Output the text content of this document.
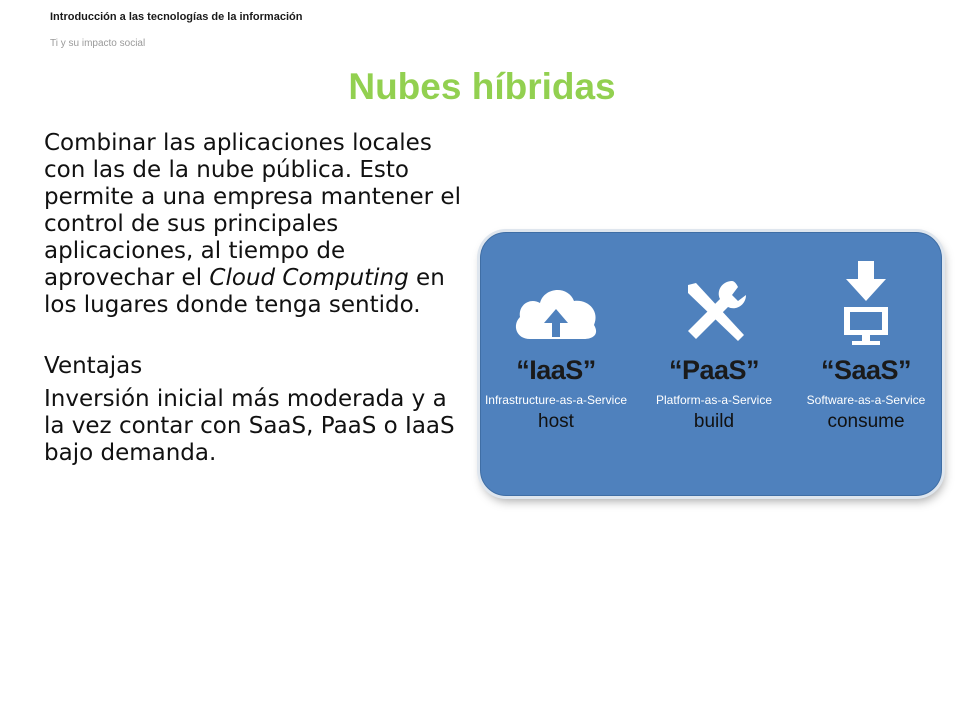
Introducción a las tecnologías de la información
Ti y su impacto social
Nubes híbridas

Combinar las aplicaciones locales con las de la nube pública. Esto permite a una empresa mantener el control de sus principales aplicaciones, al tiempo de aprovechar el Cloud Computing en los lugares donde tenga sentido.

Ventajas

Inversión inicial más moderada y a la vez contar con SaaS, PaaS o IaaS bajo demanda.

“IaaS”
Infrastructure-as-a-Service
host
“PaaS”
Platform-as-a-Service
build
“SaaS”
Software-as-a-Service
consume
